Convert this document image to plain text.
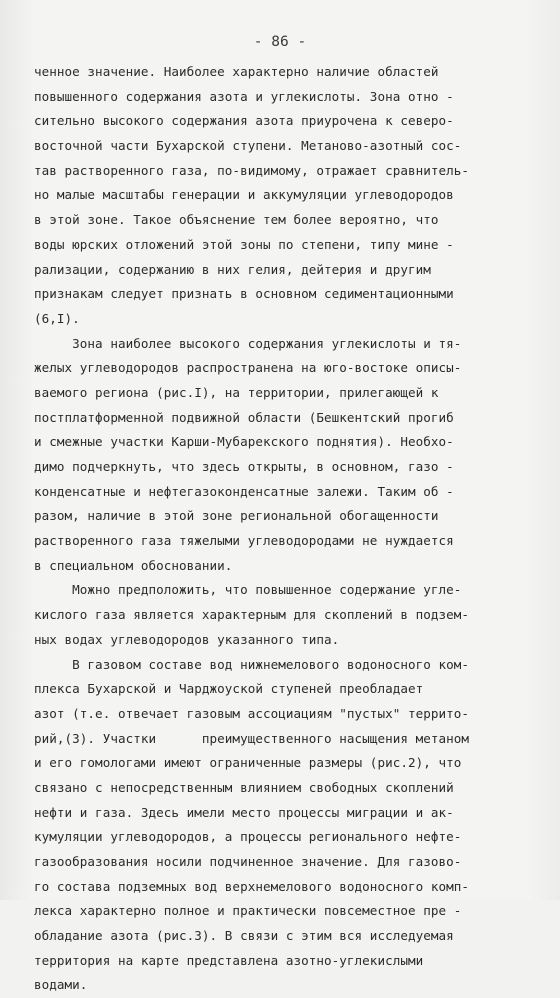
- 86 -
ченное значение. Наиболее характерно наличие областей
повышенного содержания азота и углекислоты. Зона отно -
сительно высокого содержания азота приурочена к северо-
восточной части Бухарской ступени. Метаново-азотный сос-
тав растворенного газа, по-видимому, отражает сравнитель-
но малые масштабы генерации и аккумуляции углеводородов
в этой зоне. Такое объяснение тем более вероятно, что
воды юрских отложений этой зоны по степени, типу мине -
рализации, содержанию в них гелия, дейтерия и другим
признакам следует признать в основном седиментационными
(6,I).
Зона наиболее высокого содержания углекислоты и тя-
желых углеводородов распространена на юго-востоке описы-
ваемого региона (рис.I), на территории, прилегающей к
постплатформенной подвижной области (Бешкентский прогиб
и смежные участки Карши-Мубарекского поднятия). Необхо-
димо подчеркнуть, что здесь открыты, в основном, газо -
конденсатные и нефтегазоконденсатные залежи. Таким об -
разом, наличие в этой зоне региональной обогащенности
растворенного газа тяжелыми углеводородами не нуждается
в специальном обосновании.
Можно предположить, что повышенное содержание угле-
кислого газа является характерным для скоплений в подзем-
ных водах углеводородов указанного типа.
В газовом составе вод нижнемелового водоносного ком-
плекса Бухарской и Чарджоуской ступеней преобладает
азот (т.е. отвечает газовым ассоциациям "пустых" террито-
рий,(3). Участки      преимущественного насыщения метаном
и его гомологами имеют ограниченные размеры (рис.2), что
связано с непосредственным влиянием свободных скоплений
нефти и газа. Здесь имели место процессы миграции и ак-
кумуляции углеводородов, а процессы регионального нефте-
газообразования носили подчиненное значение. Для газово-
го состава подземных вод верхнемелового водоносного комп-
лекса характерно полное и практически повсеместное пре -
обладание азота (рис.3). В связи с этим вся исследуемая
территория на карте представлена азотно-углекислыми
водами.
